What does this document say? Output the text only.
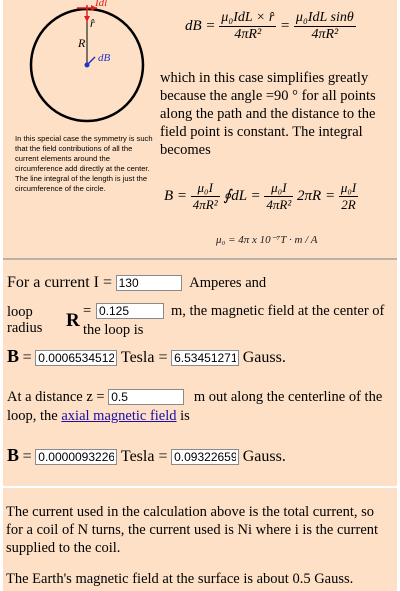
Idl
r̂
R
dB
dB = $\frac{\text{μ₀IdL × r̂}}{\text{4πR²}} = \frac{\text{μ₀IdL sinθ}}{\text{4πR²}}$
which in this case simplifies greatly because the angle =90 ° for all points along the path and the distance to the field point is constant. The integral becomes
In this special case the symmetry is such that the field contributions of all the current elements around the circumference add directly at the center. The line integral of the length is just the circumference of the circle.	$B = \frac{\text{μ₀I}}{\text{4πR²}}$ ∮dL = $\frac{\text{μ₀I}}{\text{4πR²}} 2\pi R = \frac{\text{μ₀I}}{2R}$
μ₀ = 4π x 10⁻⁷T · m / A
For a current I = 130	Amperes and
loop
radius R =
0.125	m, the magnetic field at the center of
the loop is
B = 0.00065345128	Tesla = 6.53451271	Gauss.
At a distance z = 0.5	m out along the centerline of the
loop, the axial magnetic field is
B = 0.0000093226	Tesla = 0.09322659	Gauss.
The current used in the calculation above is the total current, so for a coil of N turns, the current used is Ni where i is the current supplied to the coil.
The Earth's magnetic field at the surface is about 0.5 Gauss.
